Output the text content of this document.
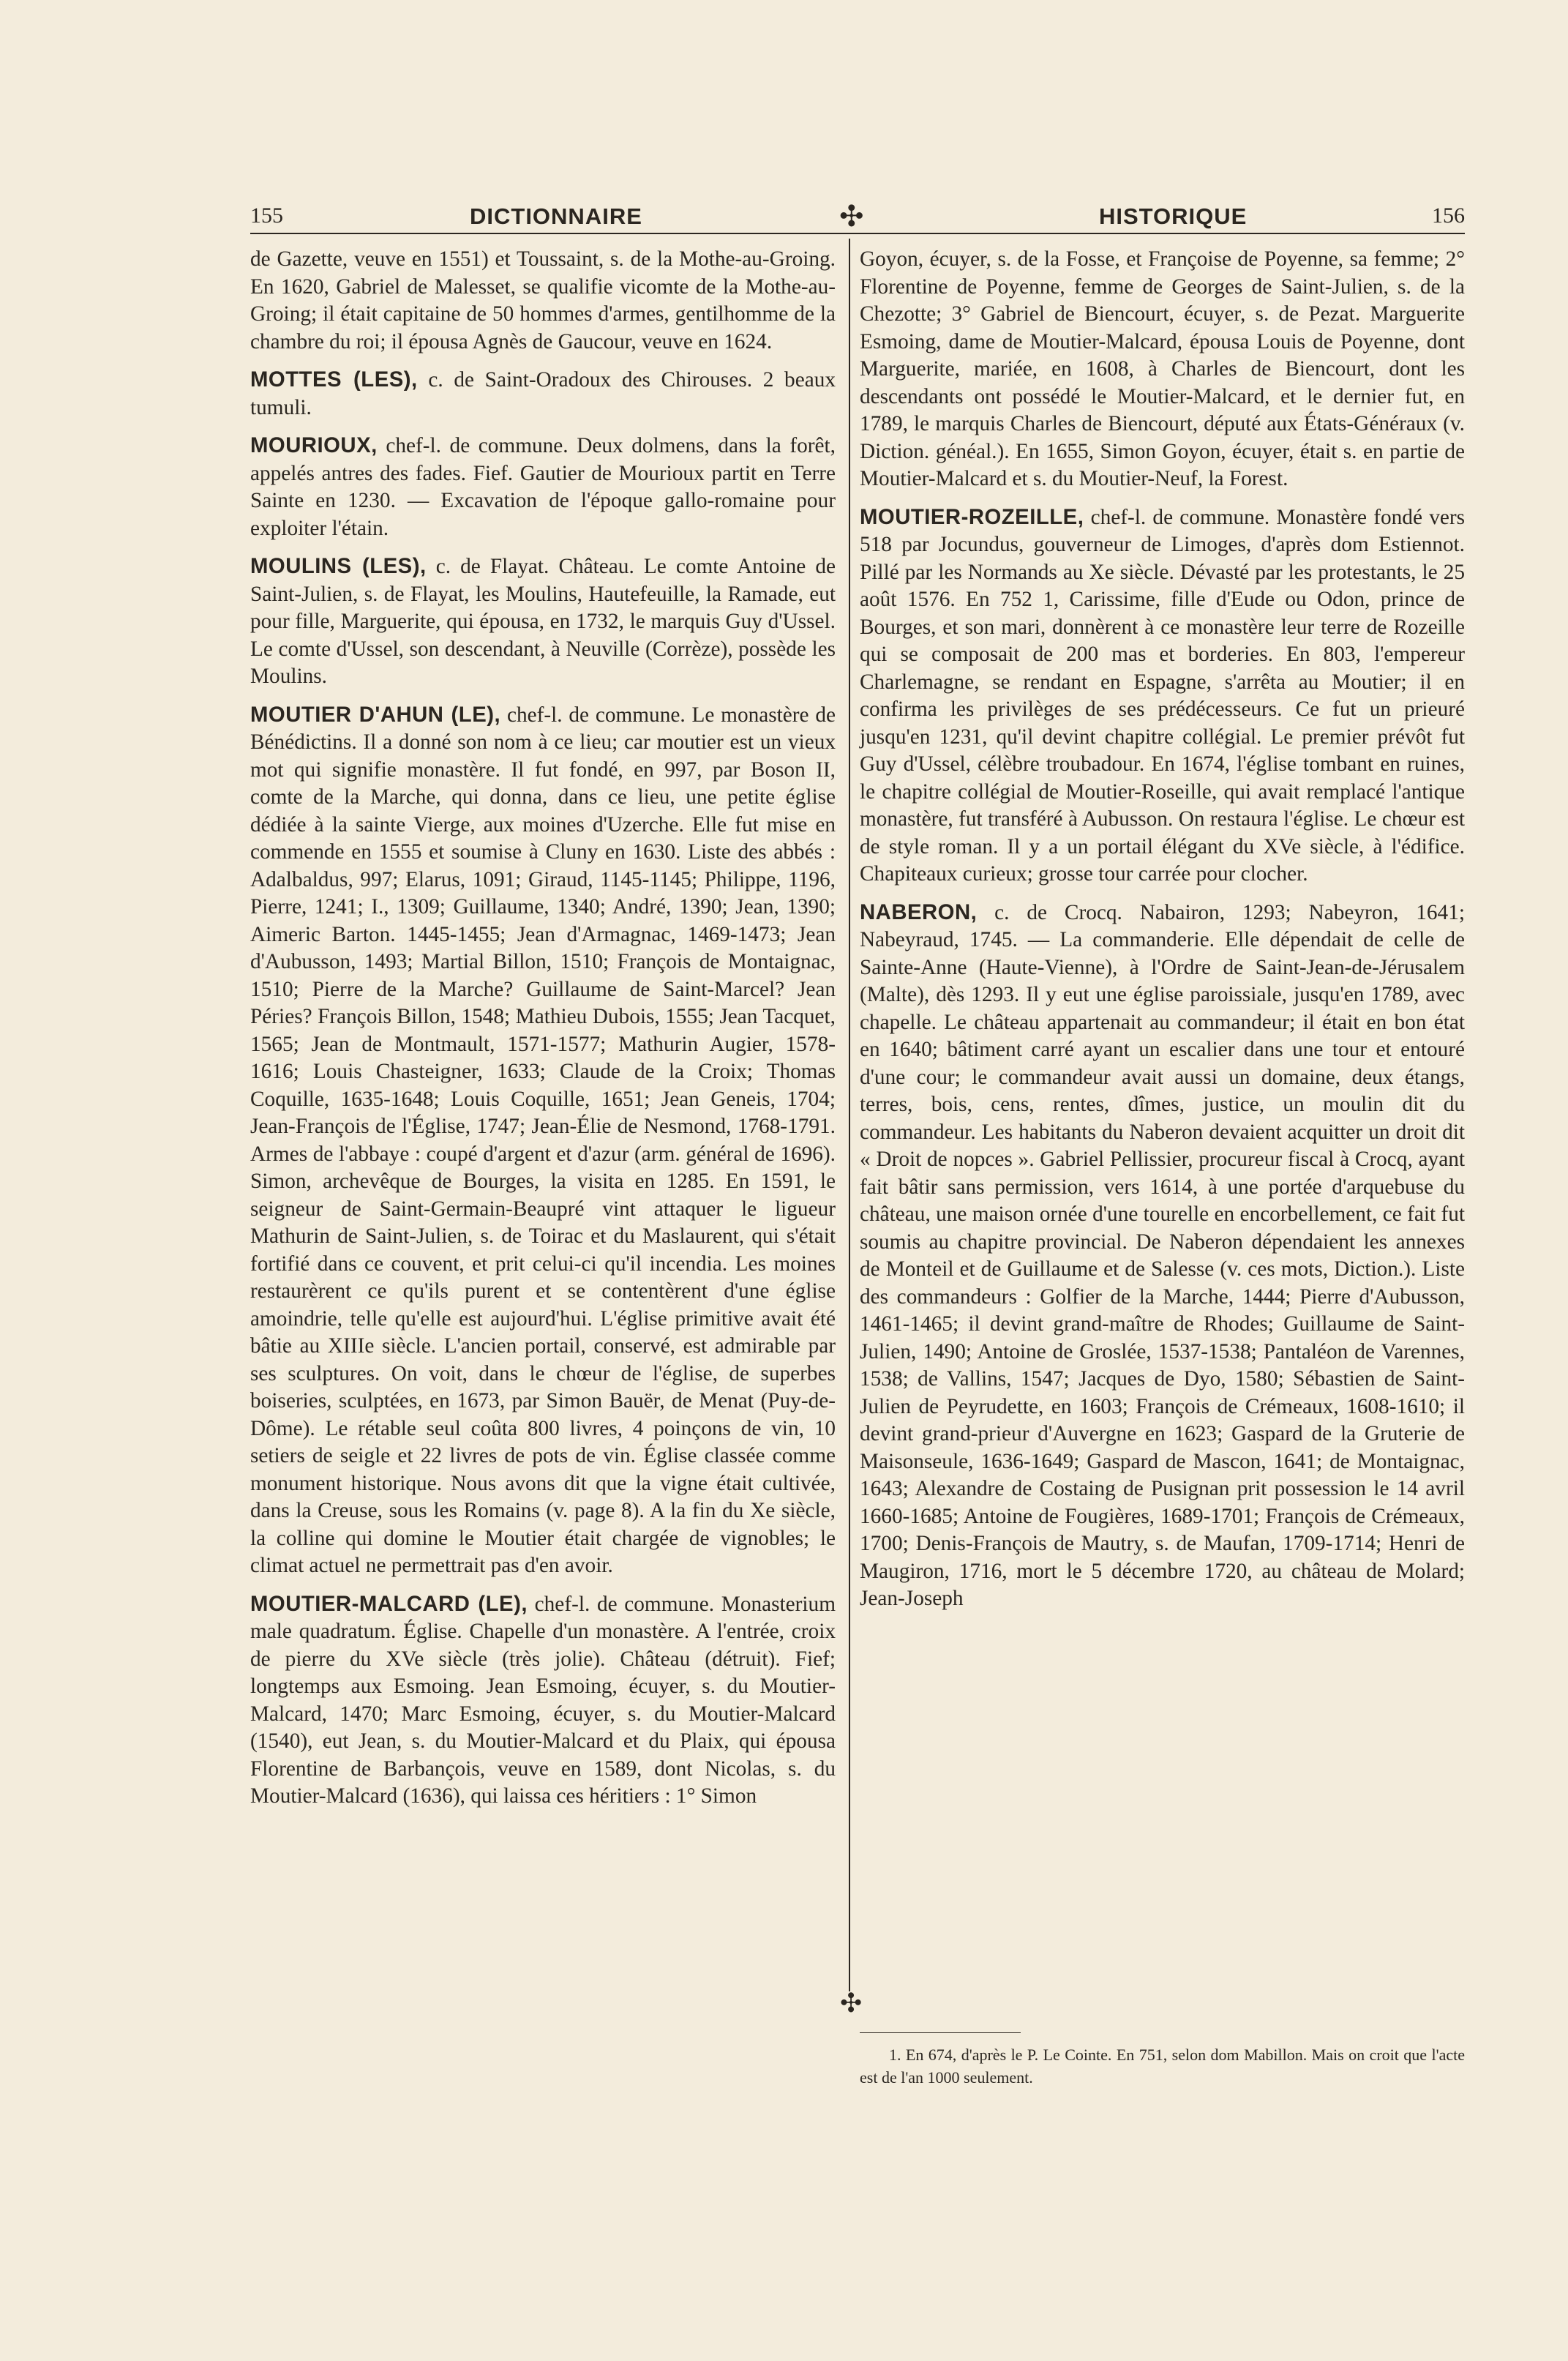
155	DICTIONNAIRE	✣	HISTORIQUE	156
✣

de Gazette, veuve en 1551) et Toussaint, s. de la Mothe-au-Groing. En 1620, Gabriel de Malesset, se qualifie vicomte de la Mothe-au-Groing; il était capitaine de 50 hommes d'armes, gentilhomme de la chambre du roi; il épousa Agnès de Gaucour, veuve en 1624.

MOTTES (LES), c. de Saint-Oradoux des Chirouses. 2 beaux tumuli.

MOURIOUX, chef-l. de commune. Deux dolmens, dans la forêt, appelés antres des fades. Fief. Gautier de Mourioux partit en Terre Sainte en 1230. — Excavation de l'époque gallo-romaine pour exploiter l'étain.

MOULINS (LES), c. de Flayat. Château. Le comte Antoine de Saint-Julien, s. de Flayat, les Moulins, Hautefeuille, la Ramade, eut pour fille, Marguerite, qui épousa, en 1732, le marquis Guy d'Ussel. Le comte d'Ussel, son descendant, à Neuville (Corrèze), possède les Moulins.

MOUTIER D'AHUN (LE), chef-l. de commune. Le monastère de Bénédictins. Il a donné son nom à ce lieu; car moutier est un vieux mot qui signifie monastère. Il fut fondé, en 997, par Boson II, comte de la Marche, qui donna, dans ce lieu, une petite église dédiée à la sainte Vierge, aux moines d'Uzerche. Elle fut mise en commende en 1555 et soumise à Cluny en 1630. Liste des abbés : Adalbaldus, 997; Elarus, 1091; Giraud, 1145-1145; Philippe, 1196, Pierre, 1241; I., 1309; Guillaume, 1340; André, 1390; Jean, 1390; Aimeric Barton. 1445-1455; Jean d'Armagnac, 1469-1473; Jean d'Aubusson, 1493; Martial Billon, 1510; François de Montaignac, 1510; Pierre de la Marche? Guillaume de Saint-Marcel? Jean Péries? François Billon, 1548; Mathieu Dubois, 1555; Jean Tacquet, 1565; Jean de Montmault, 1571-1577; Mathurin Augier, 1578-1616; Louis Chasteigner, 1633; Claude de la Croix; Thomas Coquille, 1635-1648; Louis Coquille, 1651; Jean Geneis, 1704; Jean-François de l'Église, 1747; Jean-Élie de Nesmond, 1768-1791. Armes de l'abbaye : coupé d'argent et d'azur (arm. général de 1696). Simon, archevêque de Bourges, la visita en 1285. En 1591, le seigneur de Saint-Germain-Beaupré vint attaquer le ligueur Mathurin de Saint-Julien, s. de Toirac et du Maslaurent, qui s'était fortifié dans ce couvent, et prit celui-ci qu'il incendia. Les moines restaurèrent ce qu'ils purent et se contentèrent d'une église amoindrie, telle qu'elle est aujourd'hui. L'église primitive avait été bâtie au XIIIe siècle. L'ancien portail, conservé, est admirable par ses sculptures. On voit, dans le chœur de l'église, de superbes boiseries, sculptées, en 1673, par Simon Bauër, de Menat (Puy-de-Dôme). Le rétable seul coûta 800 livres, 4 poinçons de vin, 10 setiers de seigle et 22 livres de pots de vin. Église classée comme monument historique. Nous avons dit que la vigne était cultivée, dans la Creuse, sous les Romains (v. page 8). A la fin du Xe siècle, la colline qui domine le Moutier était chargée de vignobles; le climat actuel ne permettrait pas d'en avoir.

MOUTIER-MALCARD (LE), chef-l. de commune. Monasterium male quadratum. Église. Chapelle d'un monastère. A l'entrée, croix de pierre du XVe siècle (très jolie). Château (détruit). Fief; longtemps aux Esmoing. Jean Esmoing, écuyer, s. du Moutier-Malcard, 1470; Marc Esmoing, écuyer, s. du Moutier-Malcard (1540), eut Jean, s. du Moutier-Malcard et du Plaix, qui épousa Florentine de Barbançois, veuve en 1589, dont Nicolas, s. du Moutier-Malcard (1636), qui laissa ces héritiers : 1° Simon

Goyon, écuyer, s. de la Fosse, et Françoise de Poyenne, sa femme; 2° Florentine de Poyenne, femme de Georges de Saint-Julien, s. de la Chezotte; 3° Gabriel de Biencourt, écuyer, s. de Pezat. Marguerite Esmoing, dame de Moutier-Malcard, épousa Louis de Poyenne, dont Marguerite, mariée, en 1608, à Charles de Biencourt, dont les descendants ont possédé le Moutier-Malcard, et le dernier fut, en 1789, le marquis Charles de Biencourt, député aux États-Généraux (v. Diction. généal.). En 1655, Simon Goyon, écuyer, était s. en partie de Moutier-Malcard et s. du Moutier-Neuf, la Forest.

MOUTIER-ROZEILLE, chef-l. de commune. Monastère fondé vers 518 par Jocundus, gouverneur de Limoges, d'après dom Estiennot. Pillé par les Normands au Xe siècle. Dévasté par les protestants, le 25 août 1576. En 752 1, Carissime, fille d'Eude ou Odon, prince de Bourges, et son mari, donnèrent à ce monastère leur terre de Rozeille qui se composait de 200 mas et borderies. En 803, l'empereur Charlemagne, se rendant en Espagne, s'arrêta au Moutier; il en confirma les privilèges de ses prédécesseurs. Ce fut un prieuré jusqu'en 1231, qu'il devint chapitre collégial. Le premier prévôt fut Guy d'Ussel, célèbre troubadour. En 1674, l'église tombant en ruines, le chapitre collégial de Moutier-Roseille, qui avait remplacé l'antique monastère, fut transféré à Aubusson. On restaura l'église. Le chœur est de style roman. Il y a un portail élégant du XVe siècle, à l'édifice. Chapiteaux curieux; grosse tour carrée pour clocher.

NABERON, c. de Crocq. Nabairon, 1293; Nabeyron, 1641; Nabeyraud, 1745. — La commanderie. Elle dépendait de celle de Sainte-Anne (Haute-Vienne), à l'Ordre de Saint-Jean-de-Jérusalem (Malte), dès 1293. Il y eut une église paroissiale, jusqu'en 1789, avec chapelle. Le château appartenait au commandeur; il était en bon état en 1640; bâtiment carré ayant un escalier dans une tour et entouré d'une cour; le commandeur avait aussi un domaine, deux étangs, terres, bois, cens, rentes, dîmes, justice, un moulin dit du commandeur. Les habitants du Naberon devaient acquitter un droit dit « Droit de nopces ». Gabriel Pellissier, procureur fiscal à Crocq, ayant fait bâtir sans permission, vers 1614, à une portée d'arquebuse du château, une maison ornée d'une tourelle en encorbellement, ce fait fut soumis au chapitre provincial. De Naberon dépendaient les annexes de Monteil et de Guillaume et de Salesse (v. ces mots, Diction.). Liste des commandeurs : Golfier de la Marche, 1444; Pierre d'Aubusson, 1461-1465; il devint grand-maître de Rhodes; Guillaume de Saint-Julien, 1490; Antoine de Groslée, 1537-1538; Pantaléon de Varennes, 1538; de Vallins, 1547; Jacques de Dyo, 1580; Sébastien de Saint-Julien de Peyrudette, en 1603; François de Crémeaux, 1608-1610; il devint grand-prieur d'Auvergne en 1623; Gaspard de la Gruterie de Maisonseule, 1636-1649; Gaspard de Mascon, 1641; de Montaignac, 1643; Alexandre de Costaing de Pusignan prit possession le 14 avril 1660-1685; Antoine de Fougières, 1689-1701; François de Crémeaux, 1700; Denis-François de Mautry, s. de Maufan, 1709-1714; Henri de Maugiron, 1716, mort le 5 décembre 1720, au château de Molard; Jean-Joseph

1. En 674, d'après le P. Le Cointe. En 751, selon dom Mabillon. Mais on croit que l'acte est de l'an 1000 seulement.
